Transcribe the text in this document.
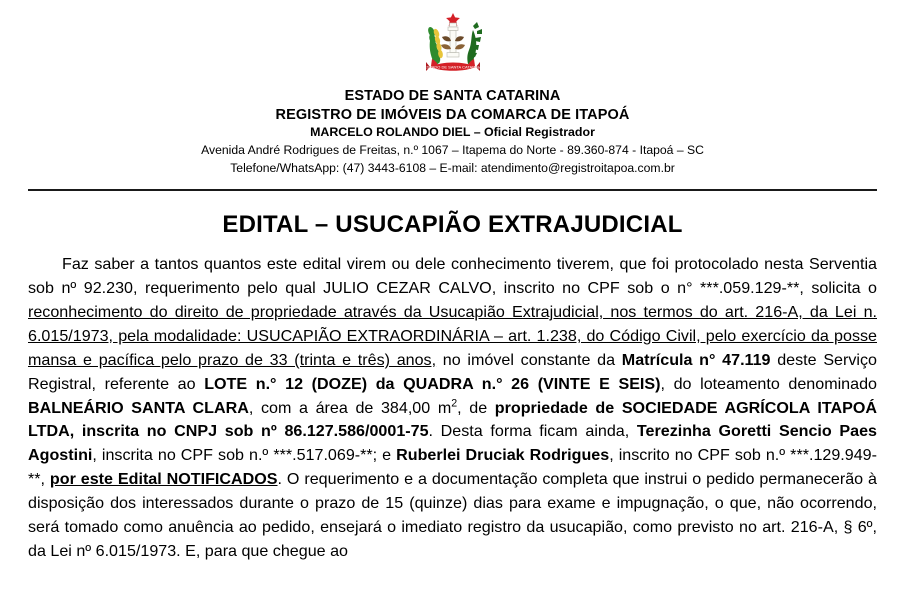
ESTADO DE SANTA CATARINA
ESTADO DE SANTA CATARINA
REGISTRO DE IMÓVEIS DA COMARCA DE ITAPOÁ
MARCELO ROLANDO DIEL – Oficial Registrador
Avenida André Rodrigues de Freitas, n.º 1067 – Itapema do Norte - 89.360-874 - Itapoá – SC
Telefone/WhatsApp: (47) 3443-6108 – E-mail: atendimento@registroitapoa.com.br
EDITAL – USUCAPIÃO EXTRAJUDICIAL
Faz saber a tantos quantos este edital virem ou dele conhecimento tiverem, que foi protocolado nesta Serventia sob nº 92.230, requerimento pelo qual JULIO CEZAR CALVO, inscrito no CPF sob o n° ***.059.129-**, solicita o reconhecimento do direito de propriedade através da Usucapião Extrajudicial, nos termos do art. 216-A, da Lei n. 6.015/1973, pela modalidade: USUCAPIÃO EXTRAORDINÁRIA – art. 1.238, do Código Civil, pelo exercício da posse mansa e pacífica pelo prazo de 33 (trinta e três) anos, no imóvel constante da Matrícula n° 47.119 deste Serviço Registral, referente ao LOTE n.° 12 (DOZE) da QUADRA n.° 26 (VINTE E SEIS), do loteamento denominado BALNEÁRIO SANTA CLARA, com a área de 384,00 $m^2$, de propriedade de SOCIEDADE AGRÍCOLA ITAPOÁ LTDA, inscrita no CNPJ sob nº 86.127.586/0001-75. Desta forma ficam ainda, Terezinha Goretti Sencio Paes Agostini, inscrita no CPF sob n.º ***.517.069-**; e Ruberlei Druciak Rodrigues, inscrito no CPF sob n.º ***.129.949-**, por este Edital NOTIFICADOS. O requerimento e a documentação completa que instrui o pedido permanecerão à disposição dos interessados durante o prazo de 15 (quinze) dias para exame e impugnação, o que, não ocorrendo, será tomado como anuência ao pedido, ensejará o imediato registro da usucapião, como previsto no art. 216-A, § 6º, da Lei nº 6.015/1973. E, para que chegue ao
